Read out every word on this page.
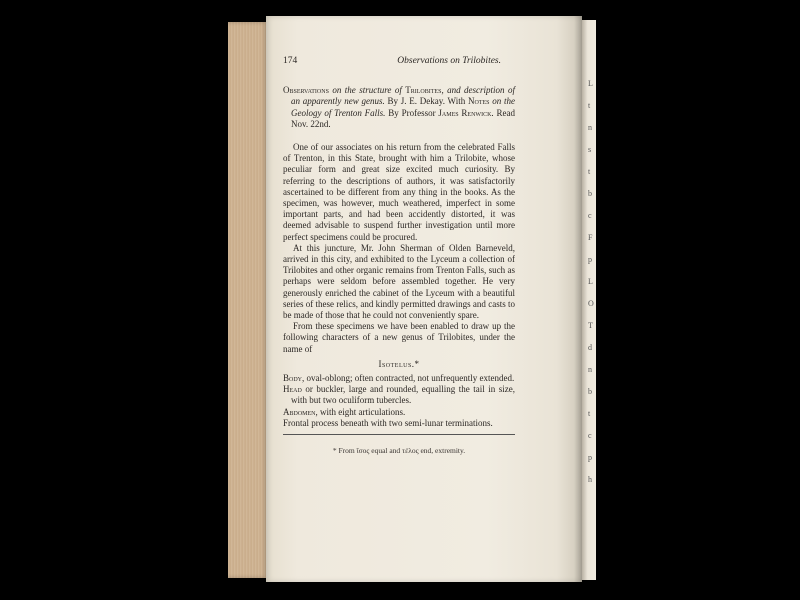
L
t
n
s
t
b
c
F
p
L
O
T
d
n
b
t
c
p
h
174	Observations on Trilobites.

Observations on the structure of Trilobites, and description of an apparently new genus. By J. E. Dekay. With Notes on the Geology of Trenton Falls. By Professor James Renwick. Read Nov. 22nd.

One of our associates on his return from the celebrated Falls of Trenton, in this State, brought with him a Trilobite, whose peculiar form and great size excited much curiosity. By referring to the descriptions of authors, it was satisfactorily ascertained to be different from any thing in the books. As the specimen, was however, much weathered, imperfect in some important parts, and had been accidently distorted, it was deemed advisable to suspend further investigation until more perfect specimens could be procured.

At this juncture, Mr. John Sherman of Olden Barneveld, arrived in this city, and exhibited to the Lyceum a collection of Trilobites and other organic remains from Trenton Falls, such as perhaps were seldom before assembled together. He very generously enriched the cabinet of the Lyceum with a beautiful series of these relics, and kindly permitted drawings and casts to be made of those that he could not conveniently spare.

From these specimens we have been enabled to draw up the following characters of a new genus of Trilobites, under the name of

Isotelus.*

Body, oval-oblong; often contracted, not unfrequently extended.

Head or buckler, large and rounded, equalling the tail in size, with but two oculiform tubercles.

Abdomen, with eight articulations.

Frontal process beneath with two semi-lunar terminations.

* From ἴσος equal and τέλος end, extremity.
